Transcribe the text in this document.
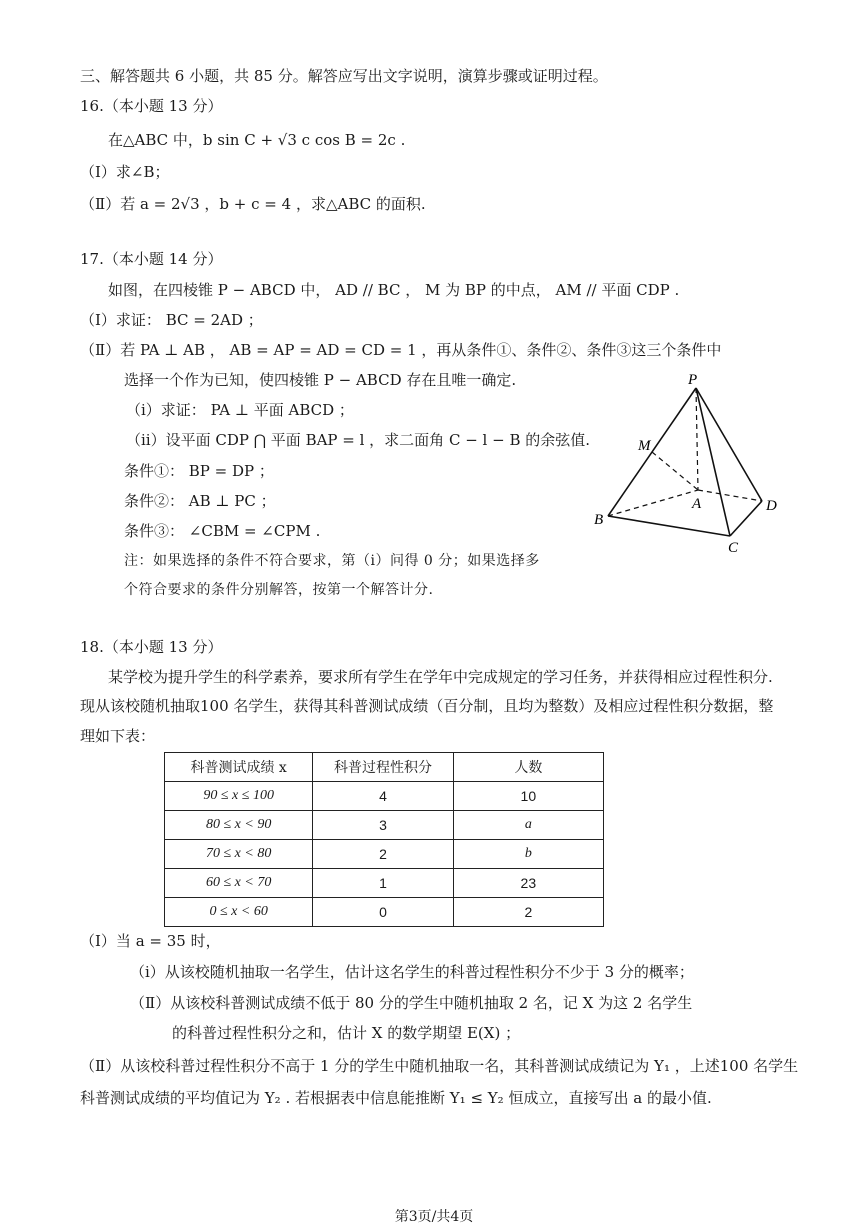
三、解答题共 6 小题，共 85 分。解答应写出文字说明，演算步骤或证明过程。
16.（本小题 13 分）
在△ABC 中，b sin C + √3 c cos B = 2c .
（Ⅰ）求∠B；
（Ⅱ）若 a = 2√3 ，b + c = 4 ，求△ABC 的面积.
17.（本小题 14 分）
如图，在四棱锥 P − ABCD 中， AD // BC ， M 为 BP 的中点， AM // 平面 CDP .
（Ⅰ）求证： BC = 2AD ；
（Ⅱ）若 PA ⊥ AB ， AB = AP = AD = CD = 1 ，再从条件①、条件②、条件③这三个条件中
选择一个作为已知，使四棱锥 P − ABCD 存在且唯一确定.
（ⅰ）求证： PA ⊥ 平面 ABCD ；
（ⅱ）设平面 CDP ⋂ 平面 BAP = l ，求二面角 C − l − B 的余弦值.
条件①： BP = DP ；
条件②： AB ⊥ PC ；
条件③： ∠CBM = ∠CPM .
注：如果选择的条件不符合要求，第（ⅰ）问得 0 分；如果选择多
个符合要求的条件分别解答，按第一个解答计分.
P
M
A
B
C
D
18.（本小题 13 分）
某学校为提升学生的科学素养，要求所有学生在学年中完成规定的学习任务，并获得相应过程性积分.
现从该校随机抽取100 名学生，获得其科普测试成绩（百分制，且均为整数）及相应过程性积分数据，整
理如下表：
科普测试成绩 x	科普过程性积分	人数
90 ≤ x ≤ 100	4	10
80 ≤ x < 90	3	a
70 ≤ x < 80	2	b
60 ≤ x < 70	1	23
0 ≤ x < 60	0	2
（Ⅰ）当 a = 35 时，
（ⅰ）从该校随机抽取一名学生，估计这名学生的科普过程性积分不少于 3 分的概率；
（Ⅱ）从该校科普测试成绩不低于 80 分的学生中随机抽取 2 名，记 X 为这 2 名学生
的科普过程性积分之和，估计 X 的数学期望 E(X) ；
（Ⅱ）从该校科普过程性积分不高于 1 分的学生中随机抽取一名，其科普测试成绩记为 Y₁ ，上述100 名学生
科普测试成绩的平均值记为 Y₂ . 若根据表中信息能推断 Y₁ ≤ Y₂ 恒成立，直接写出 a 的最小值.
第3页/共4页
